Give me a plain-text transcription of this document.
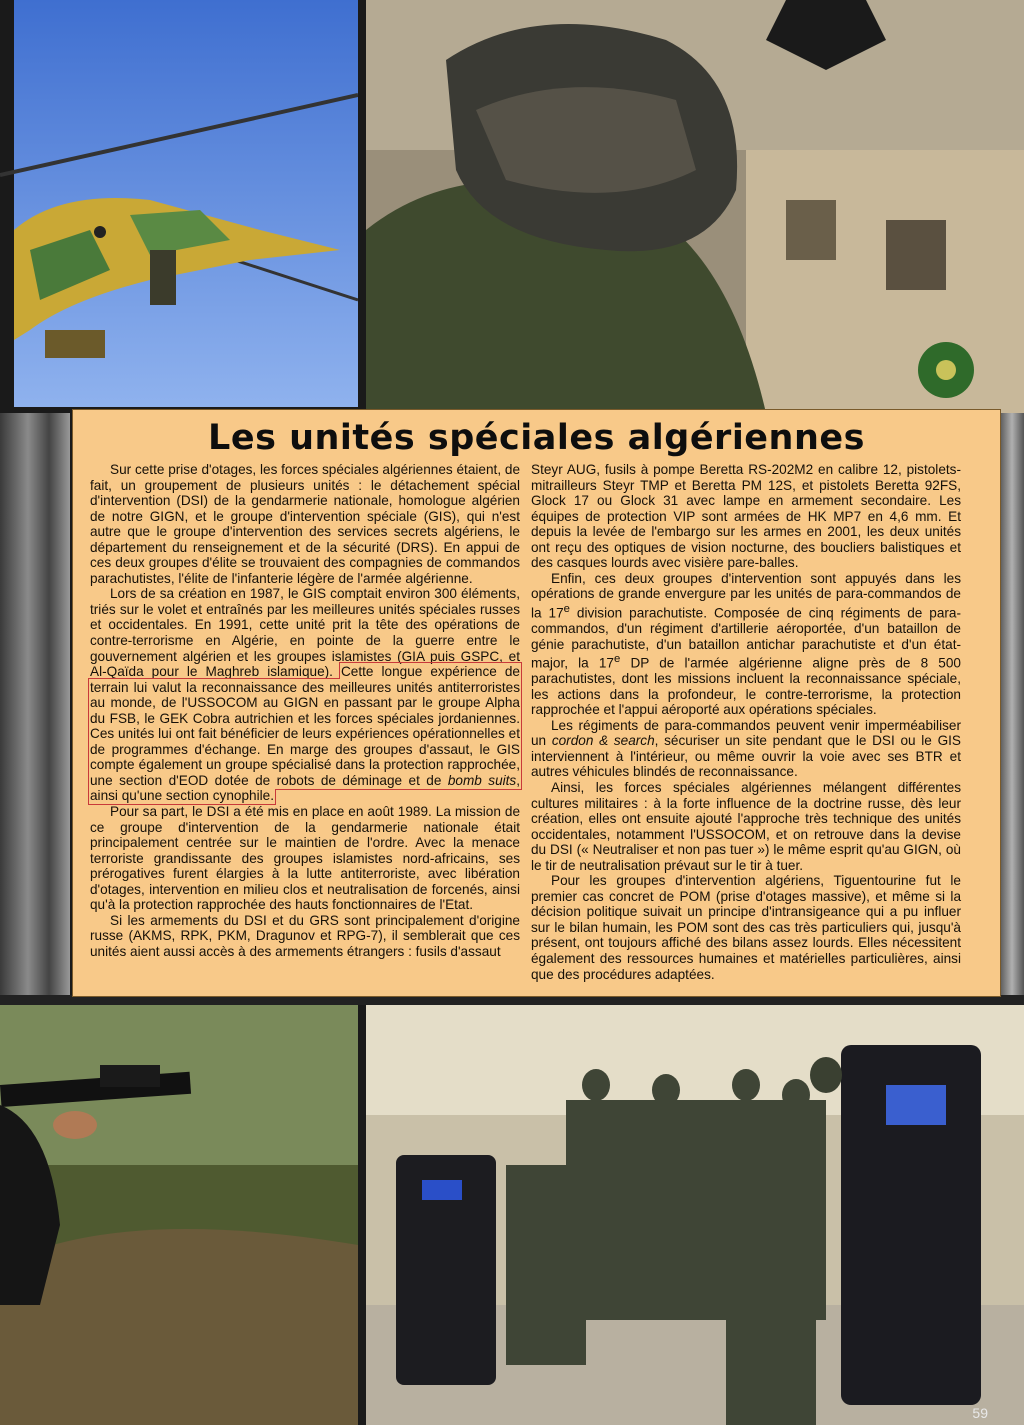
Les unités spéciales algériennes

Sur cette prise d'otages, les forces spéciales algériennes étaient, de fait, un groupement de plusieurs unités : le détachement spécial d'intervention (DSI) de la gendarmerie nationale, homologue algérien de notre GIGN, et le groupe d'intervention spéciale (GIS), qui n'est autre que le groupe d'intervention des services secrets algériens, le département du renseignement et de la sécurité (DRS). En appui de ces deux groupes d'élite se trouvaient des compagnies de commandos parachutistes, l'élite de l'infanterie légère de l'armée algérienne.

Lors de sa création en 1987, le GIS comptait environ 300 éléments, triés sur le volet et entraînés par les meilleures unités spéciales russes et occidentales. En 1991, cette unité prit la tête des opérations de contre-terrorisme en Algérie, en pointe de la guerre entre le gouvernement algérien et les groupes islamistes (GIA puis GSPC, et Al-Qaïda pour le Maghreb islamique). Cette longue expérience de terrain lui valut la reconnaissance des meilleures unités antiterroristes au monde, de l'USSOCOM au GIGN en passant par le groupe Alpha du FSB, le GEK Cobra autrichien et les forces spéciales jordaniennes. Ces unités lui ont fait bénéficier de leurs expériences opérationnelles et de programmes d'échange. En marge des groupes d'assaut, le GIS compte également un groupe spécialisé dans la protection rapprochée, une section d'EOD dotée de robots de déminage et de bomb suits, ainsi qu'une section cynophile.

Pour sa part, le DSI a été mis en place en août 1989. La mission de ce groupe d'intervention de la gendarmerie nationale était principalement centrée sur le maintien de l'ordre. Avec la menace terroriste grandissante des groupes islamistes nord-africains, ses prérogatives furent élargies à la lutte antiterroriste, avec libération d'otages, intervention en milieu clos et neutralisation de forcenés, ainsi qu'à la protection rapprochée des hauts fonctionnaires de l'Etat.

Si les armements du DSI et du GRS sont principalement d'origine russe (AKMS, RPK, PKM, Dragunov et RPG-7), il semblerait que ces unités aient aussi accès à des armements étrangers : fusils d'assaut

Steyr AUG, fusils à pompe Beretta RS-202M2 en calibre 12, pistolets-mitrailleurs Steyr TMP et Beretta PM 12S, et pistolets Beretta 92FS, Glock 17 ou Glock 31 avec lampe en armement secondaire. Les équipes de protection VIP sont armées de HK MP7 en 4,6 mm. Et depuis la levée de l'embargo sur les armes en 2001, les deux unités ont reçu des optiques de vision nocturne, des boucliers balistiques et des casques lourds avec visière pare-balles.

Enfin, ces deux groupes d'intervention sont appuyés dans les opérations de grande envergure par les unités de para-commandos de la 17e division parachutiste. Composée de cinq régiments de para-commandos, d'un régiment d'artillerie aéroportée, d'un bataillon de génie parachutiste, d'un bataillon antichar parachutiste et d'un état-major, la 17e DP de l'armée algérienne aligne près de 8 500 parachutistes, dont les missions incluent la reconnaissance spéciale, les actions dans la profondeur, le contre-terrorisme, la protection rapprochée et l'appui aéroporté aux opérations spéciales.

Les régiments de para-commandos peuvent venir imperméabiliser un cordon & search, sécuriser un site pendant que le DSI ou le GIS interviennent à l'intérieur, ou même ouvrir la voie avec ses BTR et autres véhicules blindés de reconnaissance.

Ainsi, les forces spéciales algériennes mélangent différentes cultures militaires : à la forte influence de la doctrine russe, dès leur création, elles ont ensuite ajouté l'approche très technique des unités occidentales, notamment l'USSOCOM, et on retrouve dans la devise du DSI (« Neutraliser et non pas tuer ») le même esprit qu'au GIGN, où le tir de neutralisation prévaut sur le tir à tuer.

Pour les groupes d'intervention algériens, Tiguentourine fut le premier cas concret de POM (prise d'otages massive), et même si la décision politique suivait un principe d'intransigeance qui a pu influer sur le bilan humain, les POM sont des cas très particuliers qui, jusqu'à présent, ont toujours affiché des bilans assez lourds. Elles nécessitent également des ressources humaines et matérielles particulières, ainsi que des procédures adaptées.

59
